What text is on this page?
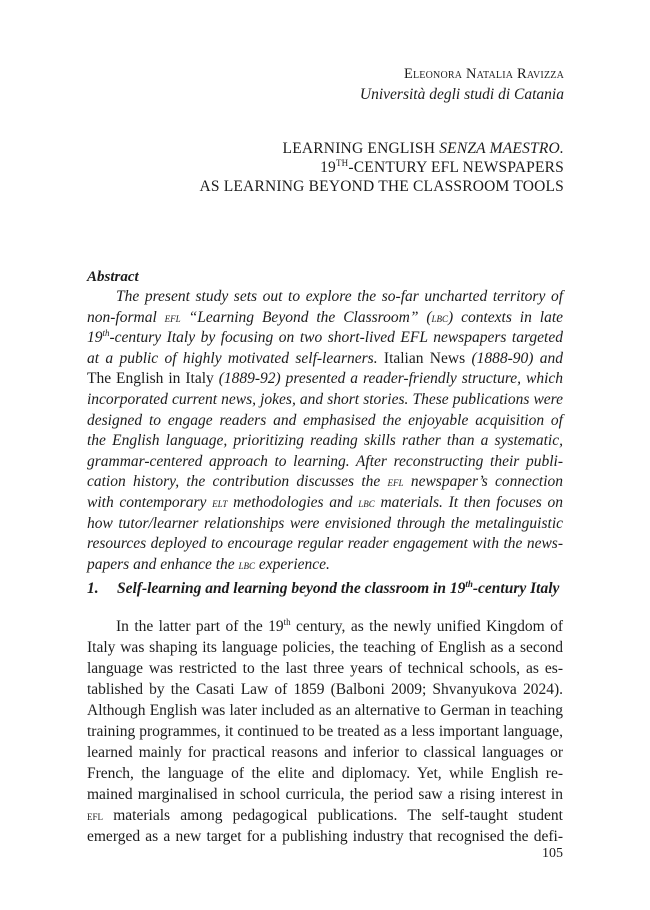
Eleonora Natalia Ravizza
Università degli studi di Catania
LEARNING ENGLISH SENZA MAESTRO.
19TH-CENTURY EFL NEWSPAPERS
AS LEARNING BEYOND THE CLASSROOM TOOLS
Abstract
The present study sets out to explore the so-far uncharted territory of
non-formal efl “Learning Beyond the Classroom” (lbc) contexts in late
19th-century Italy by focusing on two short-lived EFL newspapers targeted
at a public of highly motivated self-learners. Italian News (1888-90) and
The English in Italy (1889-92) presented a reader-friendly structure, which
incorporated current news, jokes, and short stories. These publications were
designed to engage readers and emphasised the enjoyable acquisition of
the English language, prioritizing reading skills rather than a systematic,
grammar-centered approach to learning. After reconstructing their publi-
cation history, the contribution discusses the efl newspaper’s connection
with contemporary elt methodologies and lbc materials. It then focuses on
how tutor/learner relationships were envisioned through the metalinguistic
resources deployed to encourage regular reader engagement with the news-
papers and enhance the lbc experience.
1. Self-learning and learning beyond the classroom in 19th-century Italy
In the latter part of the 19th century, as the newly unified Kingdom of
Italy was shaping its language policies, the teaching of English as a second
language was restricted to the last three years of technical schools, as es-
tablished by the Casati Law of 1859 (Balboni 2009; Shvanyukova 2024).
Although English was later included as an alternative to German in teaching
training programmes, it continued to be treated as a less important language,
learned mainly for practical reasons and inferior to classical languages or
French, the language of the elite and diplomacy. Yet, while English re-
mained marginalised in school curricula, the period saw a rising interest in
efl materials among pedagogical publications. The self-taught student
emerged as a new target for a publishing industry that recognised the defi-
105
